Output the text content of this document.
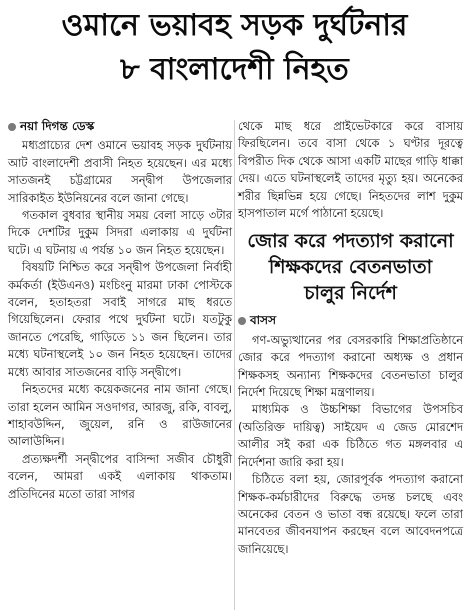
ওমানে ভয়াবহ সড়ক দুর্ঘটনার
৮ বাংলাদেশী নিহত
নয়া দিগন্ত ডেস্ক

মধ্যপ্রাচ্যের দেশ ওমানে ভয়াবহ সড়ক দুর্ঘটনায় আট বাংলাদেশী প্রবাসী নিহত হয়েছেন। এর মধ্যে সাতজনই চট্টগ্রামের সন্দ্বীপ উপজেলার সারিকাইত ইউনিয়নের বলে জানা গেছে।

গতকাল বুধবার স্থানীয় সময় বেলা সাড়ে ৩টার দিকে দেশটির দুকুম সিদরা এলাকায় এ দুর্ঘটনা ঘটে। এ ঘটনায় এ পর্যন্ত ১০ জন নিহত হয়েছেন।

বিষয়টি নিশ্চিত করে সন্দ্বীপ উপজেলা নির্বাহী কর্মকর্তা (ইউএনও) মংচিংনু মারমা ঢাকা পোস্টকে বলেন, হতাহতরা সবাই সাগরে মাছ ধরতে গিয়েছিলেন। ফেরার পথে দুর্ঘটনা ঘটে। যতটুকু জানতে পেরেছি, গাড়িতে ১১ জন ছিলেন। তার মধ্যে ঘটনাস্থলেই ১০ জন নিহত হয়েছেন। তাদের মধ্যে আবার সাতজনের বাড়ি সন্দ্বীপে।

নিহতদের মধ্যে কয়েকজনের নাম জানা গেছে। তারা হলেন আমিন সওদাগর, আরজু, রকি, বাবলু, শাহাবউদ্দিন, জুয়েল, রনি ও রাউজানের আলাউদ্দিন।

প্রত্যক্ষদর্শী সন্দ্বীপের বাসিন্দা সজীব চৌধুরী বলেন, আমরা একই এলাকায় থাকতাম। প্রতিদিনের মতো তারা সাগর

থেকে মাছ ধরে প্রাইভেটকারে করে বাসায় ফিরছিলেন। তবে বাসা থেকে ১ ঘণ্টার দূরত্বে বিপরীত দিক থেকে আসা একটি মাছের গাড়ি ধাক্কা দেয়। এতে ঘটনাস্থলেই তাদের মৃত্যু হয়। অনেকের শরীর ছিন্নভিন্ন হয়ে গেছে। নিহতদের লাশ দুকুম হাসপাতাল মর্গে পাঠানো হয়েছে।

জোর করে পদত্যাগ করানো
শিক্ষকদের বেতনভাতা
চালুর নির্দেশ
বাসস

গণ-অভ্যুত্থানের পর বেসরকারি শিক্ষাপ্রতিষ্ঠানে জোর করে পদত্যাগ করানো অধ্যক্ষ ও প্রধান শিক্ষকসহ অন্যান্য শিক্ষকদের বেতনভাতা চালুর নির্দেশ দিয়েছে শিক্ষা মন্ত্রণালয়।

মাধ্যমিক ও উচ্চশিক্ষা বিভাগের উপসচিব (অতিরিক্ত দায়িত্ব) সাইয়েদ এ জেড মোরশেদ আলীর সই করা এক চিঠিতে গত মঙ্গলবার এ নির্দেশনা জারি করা হয়।

চিঠিতে বলা হয়, জোরপূর্বক পদত্যাগ করানো শিক্ষক-কর্মচারীদের বিরুদ্ধে তদন্ত চলছে এবং অনেকের বেতন ও ভাতা বন্ধ রয়েছে। ফলে তারা মানবেতর জীবনযাপন করছেন বলে আবেদনপত্রে জানিয়েছে।
